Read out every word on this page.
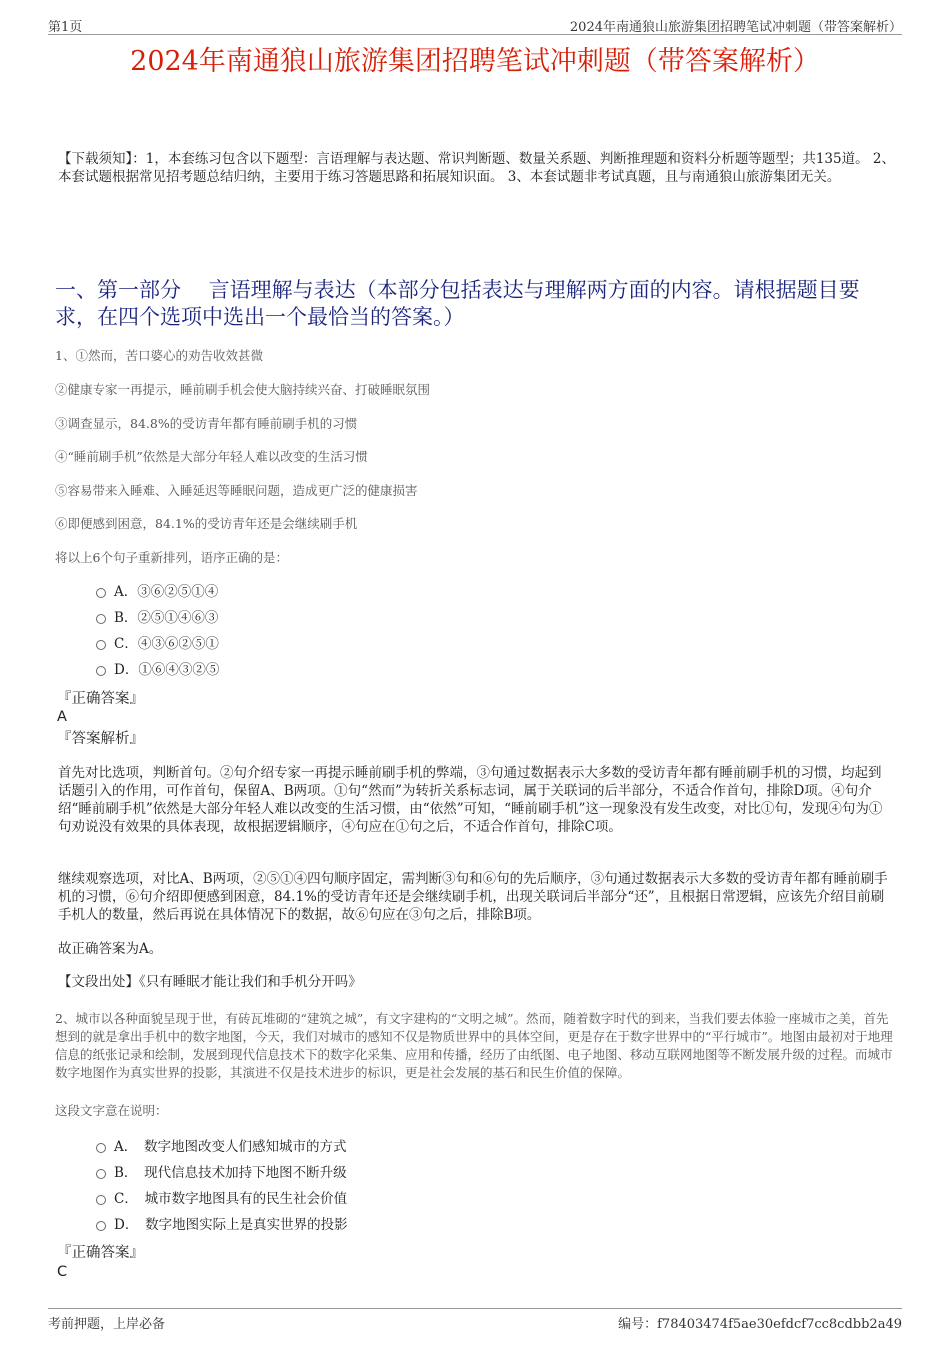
第1页	2024年南通狼山旅游集团招聘笔试冲刺题（带答案解析）
2024年南通狼山旅游集团招聘笔试冲刺题（带答案解析）
【下载须知】：1，本套练习包含以下题型：言语理解与表达题、常识判断题、数量关系题、判断推理题和资料分析题等题型；共135道。 2、本套试题根据常见招考题总结归纳，主要用于练习答题思路和拓展知识面。 3、本套试题非考试真题，且与南通狼山旅游集团无关。
一、第一部分　 言语理解与表达（本部分包括表达与理解两方面的内容。请根据题目要求，在四个选项中选出一个最恰当的答案。）
1、①然而，苦口婆心的劝告收效甚微
②健康专家一再提示，睡前刷手机会使大脑持续兴奋、打破睡眠氛围
③调查显示，84.8%的受访青年都有睡前刷手机的习惯
④“睡前刷手机”依然是大部分年轻人难以改变的生活习惯
⑤容易带来入睡难、入睡延迟等睡眠问题，造成更广泛的健康损害
⑥即便感到困意，84.1%的受访青年还是会继续刷手机
将以上6个句子重新排列，语序正确的是：
A．③⑥②⑤①④
B．②⑤①④⑥③
C．④③⑥②⑤①
D．①⑥④③②⑤
『正确答案』
A
『答案解析』
首先对比选项，判断首句。②句介绍专家一再提示睡前刷手机的弊端，③句通过数据表示大多数的受访青年都有睡前刷手机的习惯，均起到话题引入的作用，可作首句，保留A、B两项。①句“然而”为转折关系标志词，属于关联词的后半部分，不适合作首句，排除D项。④句介绍“睡前刷手机”依然是大部分年轻人难以改变的生活习惯，由“依然”可知，“睡前刷手机”这一现象没有发生改变，对比①句，发现④句为①句劝说没有效果的具体表现，故根据逻辑顺序，④句应在①句之后，不适合作首句，排除C项。
继续观察选项，对比A、B两项，②⑤①④四句顺序固定，需判断③句和⑥句的先后顺序，③句通过数据表示大多数的受访青年都有睡前刷手机的习惯，⑥句介绍即便感到困意，84.1%的受访青年还是会继续刷手机，出现关联词后半部分“还”，且根据日常逻辑，应该先介绍目前刷手机人的数量，然后再说在具体情况下的数据，故⑥句应在③句之后，排除B项。
故正确答案为A。
【文段出处】《只有睡眠才能让我们和手机分开吗》
2、城市以各种面貌呈现于世，有砖瓦堆砌的“建筑之城”，有文字建构的“文明之城”。然而，随着数字时代的到来，当我们要去体验一座城市之美，首先想到的就是拿出手机中的数字地图，今天，我们对城市的感知不仅是物质世界中的具体空间，更是存在于数字世界中的“平行城市”。地图由最初对于地理信息的纸张记录和绘制，发展到现代信息技术下的数字化采集、应用和传播，经历了由纸图、电子地图、移动互联网地图等不断发展升级的过程。而城市数字地图作为真实世界的投影，其演进不仅是技术进步的标识，更是社会发展的基石和民生价值的保障。
这段文字意在说明：
A．　数字地图改变人们感知城市的方式
B．　现代信息技术加持下地图不断升级
C．　城市数字地图具有的民生社会价值
D．　数字地图实际上是真实世界的投影
『正确答案』
C
考前押题，上岸必备	编号：f78403474f5ae30efdcf7cc8cdbb2a49
